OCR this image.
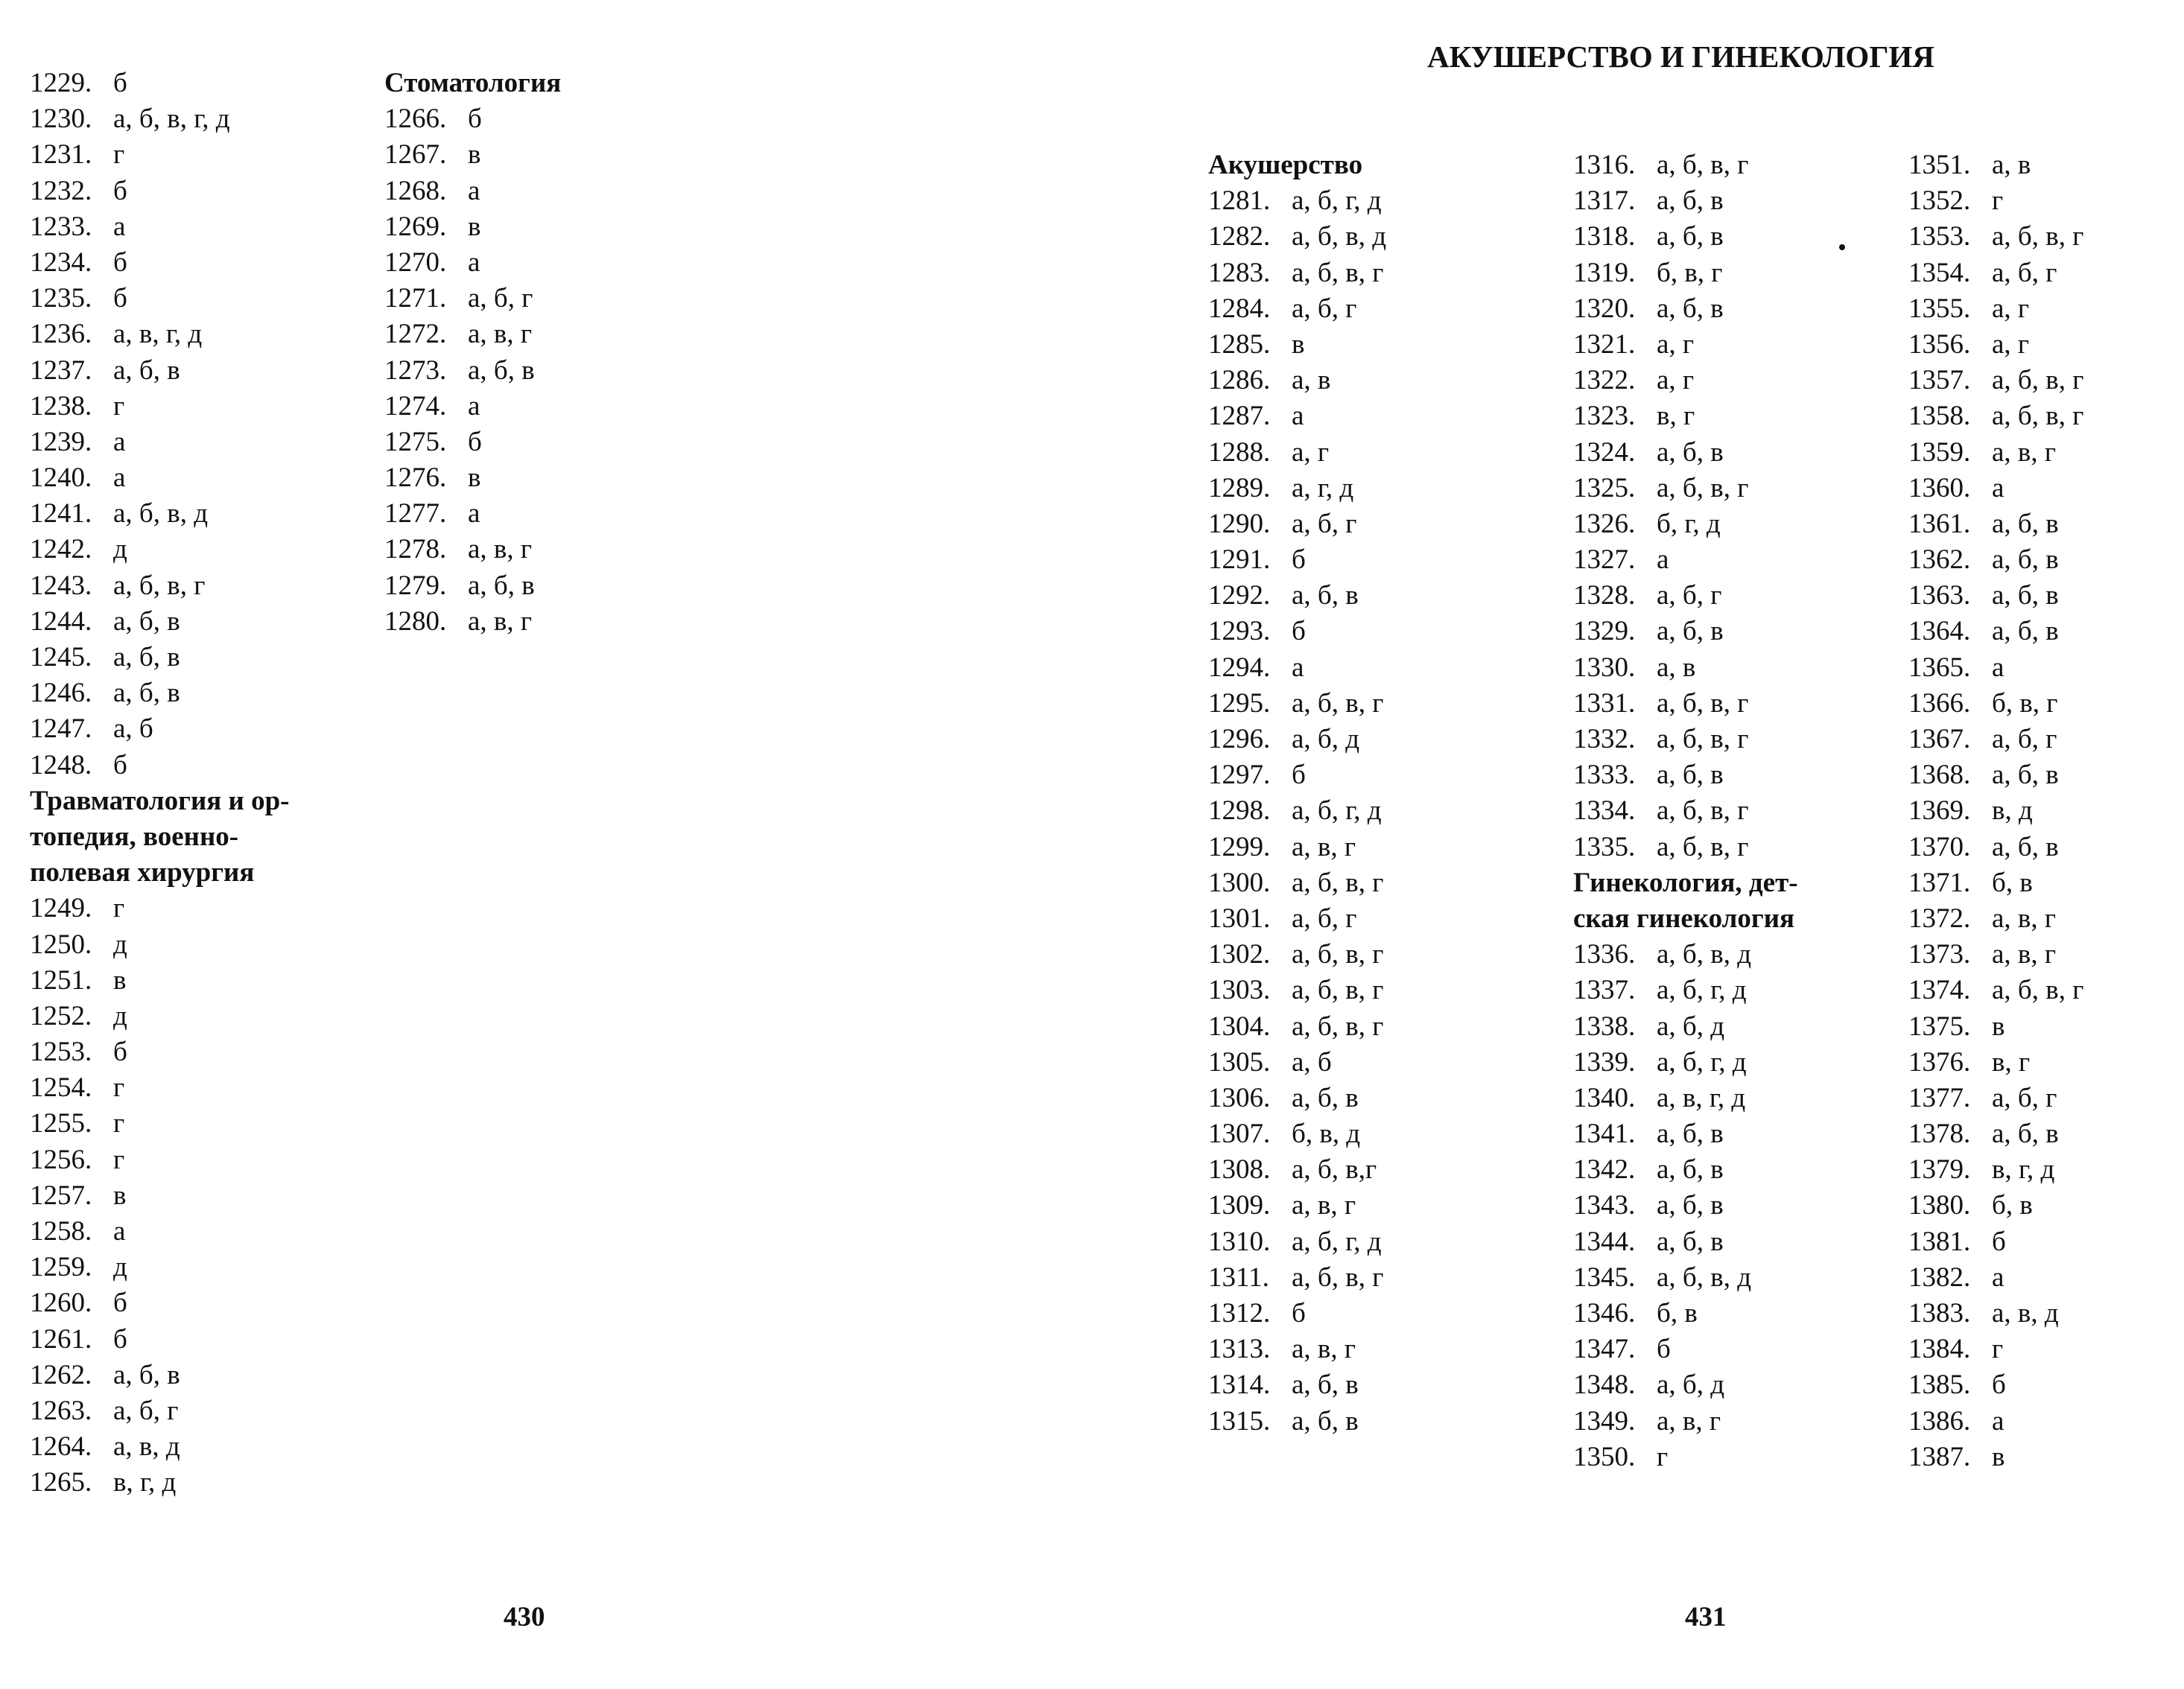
1229. б
1230. а, б, в, г, д
1231. г
1232. б
1233. а
1234. б
1235. б
1236. а, в, г, д
1237. а, б, в
1238. г
1239. а
1240. а
1241. а, б, в, д
1242. д
1243. а, б, в, г
1244. а, б, в
1245. а, б, в
1246. а, б, в
1247. а, б
1248. б
Травматология и ор-
топедия, военно-
полевая хирургия
1249. г
1250. д
1251. в
1252. д
1253. б
1254. г
1255. г
1256. г
1257. в
1258. а
1259. д
1260. б
1261. б
1262. а, б, в
1263. а, б, г
1264. а, в, д
1265. в, г, д
Стоматология
1266. б
1267. в
1268. а
1269. в
1270. а
1271. а, б, г
1272. а, в, г
1273. а, б, в
1274. а
1275. б
1276. в
1277. а
1278. а, в, г
1279. а, б, в
1280. а, в, г
АКУШЕРСТВО И ГИНЕКОЛОГИЯ
Акушерство
1281. а, б, г, д
1282. а, б, в, д
1283. а, б, в, г
1284. а, б, г
1285. в
1286. а, в
1287. а
1288. а, г
1289. а, г, д
1290. а, б, г
1291. б
1292. а, б, в
1293. б
1294. а
1295. а, б, в, г
1296. а, б, д
1297. б
1298. а, б, г, д
1299. а, в, г
1300. а, б, в, г
1301. а, б, г
1302. а, б, в, г
1303. а, б, в, г
1304. а, б, в, г
1305. а, б
1306. а, б, в
1307. б, в, д
1308. а, б, в,г
1309. а, в, г
1310. а, б, г, д
1311. а, б, в, г
1312. б
1313. а, в, г
1314. а, б, в
1315. а, б, в
1316. а, б, в, г
1317. а, б, в
1318. а, б, в
1319. б, в, г
1320. а, б, в
1321. а, г
1322. а, г
1323. в, г
1324. а, б, в
1325. а, б, в, г
1326. б, г, д
1327. а
1328. а, б, г
1329. а, б, в
1330. а, в
1331. а, б, в, г
1332. а, б, в, г
1333. а, б, в
1334. а, б, в, г
1335. а, б, в, г
Гинекология, дет-
ская гинекология
1336. а, б, в, д
1337. а, б, г, д
1338. а, б, д
1339. а, б, г, д
1340. а, в, г, д
1341. а, б, в
1342. а, б, в
1343. а, б, в
1344. а, б, в
1345. а, б, в, д
1346. б, в
1347. б
1348. а, б, д
1349. а, в, г
1350. г
1351. а, в
1352. г
1353. а, б, в, г
1354. а, б, г
1355. а, г
1356. а, г
1357. а, б, в, г
1358. а, б, в, г
1359. а, в, г
1360. а
1361. а, б, в
1362. а, б, в
1363. а, б, в
1364. а, б, в
1365. а
1366. б, в, г
1367. а, б, г
1368. а, б, в
1369. в, д
1370. а, б, в
1371. б, в
1372. а, в, г
1373. а, в, г
1374. а, б, в, г
1375. в
1376. в, г
1377. а, б, г
1378. а, б, в
1379. в, г, д
1380. б, в
1381. б
1382. а
1383. а, в, д
1384. г
1385. б
1386. а
1387. в
430	431
